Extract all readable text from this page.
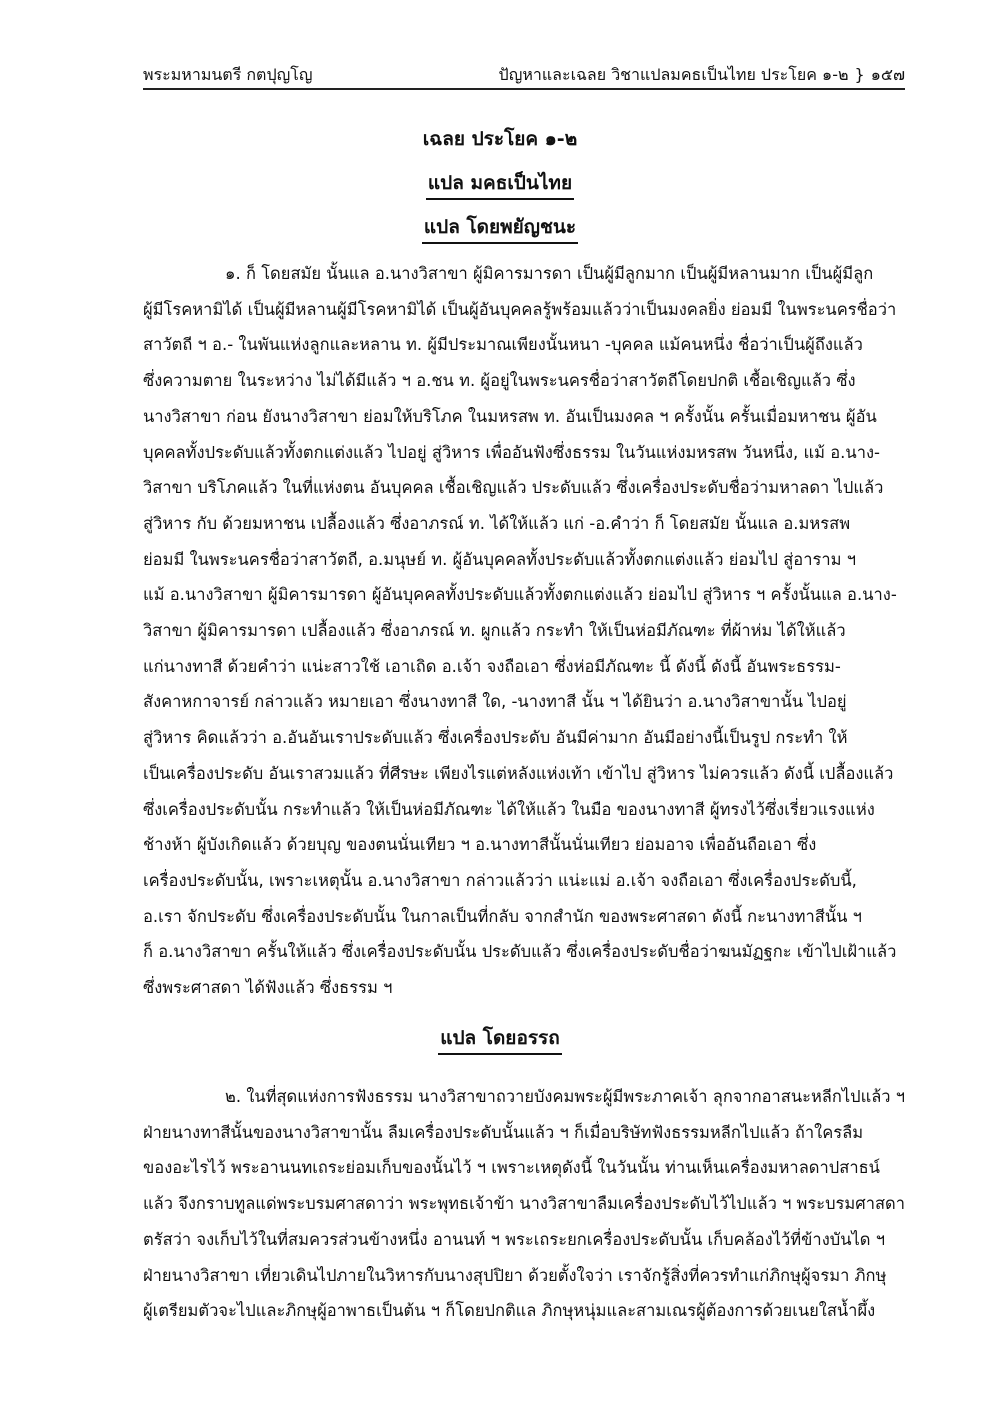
พระมหามนตรี กตปุญโญ	ปัญหาและเฉลย วิชาแปลมคธเป็นไทย ประโยค ๑-๒ } ๑๕๗
เฉลย ประโยค ๑-๒
แปล มคธเป็นไทย
แปล โดยพยัญชนะ
๑. ก็ โดยสมัย นั้นแล อ.นางวิสาขา ผู้มิคารมารดา เป็นผู้มีลูกมาก เป็นผู้มีหลานมาก เป็นผู้มีลูก
ผู้มีโรคหามิได้ เป็นผู้มีหลานผู้มีโรคหามิได้ เป็นผู้อันบุคคลรู้พร้อมแล้วว่าเป็นมงคลยิ่ง ย่อมมี ในพระนครชื่อว่า
สาวัตถี ฯ อ.- ในพันแห่งลูกและหลาน ท. ผู้มีประมาณเพียงนั้นหนา -บุคคล แม้คนหนึ่ง ชื่อว่าเป็นผู้ถึงแล้ว
ซึ่งความตาย ในระหว่าง ไม่ได้มีแล้ว ฯ อ.ชน ท. ผู้อยู่ในพระนครชื่อว่าสาวัตถีโดยปกติ เชื้อเชิญแล้ว ซึ่ง
นางวิสาขา ก่อน ยังนางวิสาขา ย่อมให้บริโภค ในมหรสพ ท. อันเป็นมงคล ฯ ครั้งนั้น ครั้นเมื่อมหาชน ผู้อัน
บุคคลทั้งประดับแล้วทั้งตกแต่งแล้ว ไปอยู่ สู่วิหาร เพื่ออันฟังซึ่งธรรม ในวันแห่งมหรสพ วันหนึ่ง, แม้ อ.นาง-
วิสาขา บริโภคแล้ว ในที่แห่งตน อันบุคคล เชื้อเชิญแล้ว ประดับแล้ว ซึ่งเครื่องประดับชื่อว่ามหาลดา ไปแล้ว
สู่วิหาร กับ ด้วยมหาชน เปลื้องแล้ว ซึ่งอาภรณ์ ท. ได้ให้แล้ว แก่ -อ.คำว่า ก็ โดยสมัย นั้นแล อ.มหรสพ
ย่อมมี ในพระนครชื่อว่าสาวัตถี, อ.มนุษย์ ท. ผู้อันบุคคลทั้งประดับแล้วทั้งตกแต่งแล้ว ย่อมไป สู่อาราม ฯ
แม้ อ.นางวิสาขา ผู้มิคารมารดา ผู้อันบุคคลทั้งประดับแล้วทั้งตกแต่งแล้ว ย่อมไป สู่วิหาร ฯ ครั้งนั้นแล อ.นาง-
วิสาขา ผู้มิคารมารดา เปลื้องแล้ว ซึ่งอาภรณ์ ท. ผูกแล้ว กระทำ ให้เป็นห่อมีภัณฑะ ที่ผ้าห่ม ได้ให้แล้ว
แก่นางทาสี ด้วยคำว่า แน่ะสาวใช้ เอาเถิด อ.เจ้า จงถือเอา ซึ่งห่อมีภัณฑะ นี้ ดังนี้ ดังนี้ อันพระธรรม-
สังคาหกาจารย์ กล่าวแล้ว หมายเอา ซึ่งนางทาสี ใด, -นางทาสี นั้น ฯ ได้ยินว่า อ.นางวิสาขานั้น ไปอยู่
สู่วิหาร คิดแล้วว่า อ.อันอันเราประดับแล้ว ซึ่งเครื่องประดับ อันมีค่ามาก อันมีอย่างนี้เป็นรูป กระทำ ให้
เป็นเครื่องประดับ อันเราสวมแล้ว ที่ศีรษะ เพียงไรแต่หลังแห่งเท้า เข้าไป สู่วิหาร ไม่ควรแล้ว ดังนี้ เปลื้องแล้ว
ซึ่งเครื่องประดับนั้น กระทำแล้ว ให้เป็นห่อมีภัณฑะ ได้ให้แล้ว ในมือ ของนางทาสี ผู้ทรงไว้ซึ่งเรี่ยวแรงแห่ง
ช้างห้า ผู้บังเกิดแล้ว ด้วยบุญ ของตนนั่นเทียว ฯ อ.นางทาสีนั้นนั่นเทียว ย่อมอาจ เพื่ออันถือเอา ซึ่ง
เครื่องประดับนั้น, เพราะเหตุนั้น อ.นางวิสาขา กล่าวแล้วว่า แน่ะแม่ อ.เจ้า จงถือเอา ซึ่งเครื่องประดับนี้,
อ.เรา จักประดับ ซึ่งเครื่องประดับนั้น ในกาลเป็นที่กลับ จากสำนัก ของพระศาสดา ดังนี้ กะนางทาสีนั้น ฯ
ก็ อ.นางวิสาขา ครั้นให้แล้ว ซึ่งเครื่องประดับนั้น ประดับแล้ว ซึ่งเครื่องประดับชื่อว่าฆนมัฏฐกะ เข้าไปเฝ้าแล้ว
ซึ่งพระศาสดา ได้ฟังแล้ว ซึ่งธรรม ฯ
แปล โดยอรรถ
๒. ในที่สุดแห่งการฟังธรรม นางวิสาขาถวายบังคมพระผู้มีพระภาคเจ้า ลุกจากอาสนะหลีกไปแล้ว ฯ
ฝ่ายนางทาสีนั้นของนางวิสาขานั้น ลืมเครื่องประดับนั้นแล้ว ฯ ก็เมื่อบริษัทฟังธรรมหลีกไปแล้ว ถ้าใครลืม
ของอะไรไว้ พระอานนทเถระย่อมเก็บของนั้นไว้ ฯ เพราะเหตุดังนี้ ในวันนั้น ท่านเห็นเครื่องมหาลดาปสาธน์
แล้ว จึงกราบทูลแด่พระบรมศาสดาว่า พระพุทธเจ้าข้า นางวิสาขาลืมเครื่องประดับไว้ไปแล้ว ฯ พระบรมศาสดา
ตรัสว่า จงเก็บไว้ในที่สมควรส่วนข้างหนึ่ง อานนท์ ฯ พระเถระยกเครื่องประดับนั้น เก็บคล้องไว้ที่ข้างบันได ฯ
ฝ่ายนางวิสาขา เที่ยวเดินไปภายในวิหารกับนางสุปปิยา ด้วยตั้งใจว่า เราจักรู้สิ่งที่ควรทำแก่ภิกษุผู้จรมา ภิกษุ
ผู้เตรียมตัวจะไปและภิกษุผู้อาพาธเป็นต้น ฯ ก็โดยปกติแล ภิกษุหนุ่มและสามเณรผู้ต้องการด้วยเนยใสน้ำผึ้ง
